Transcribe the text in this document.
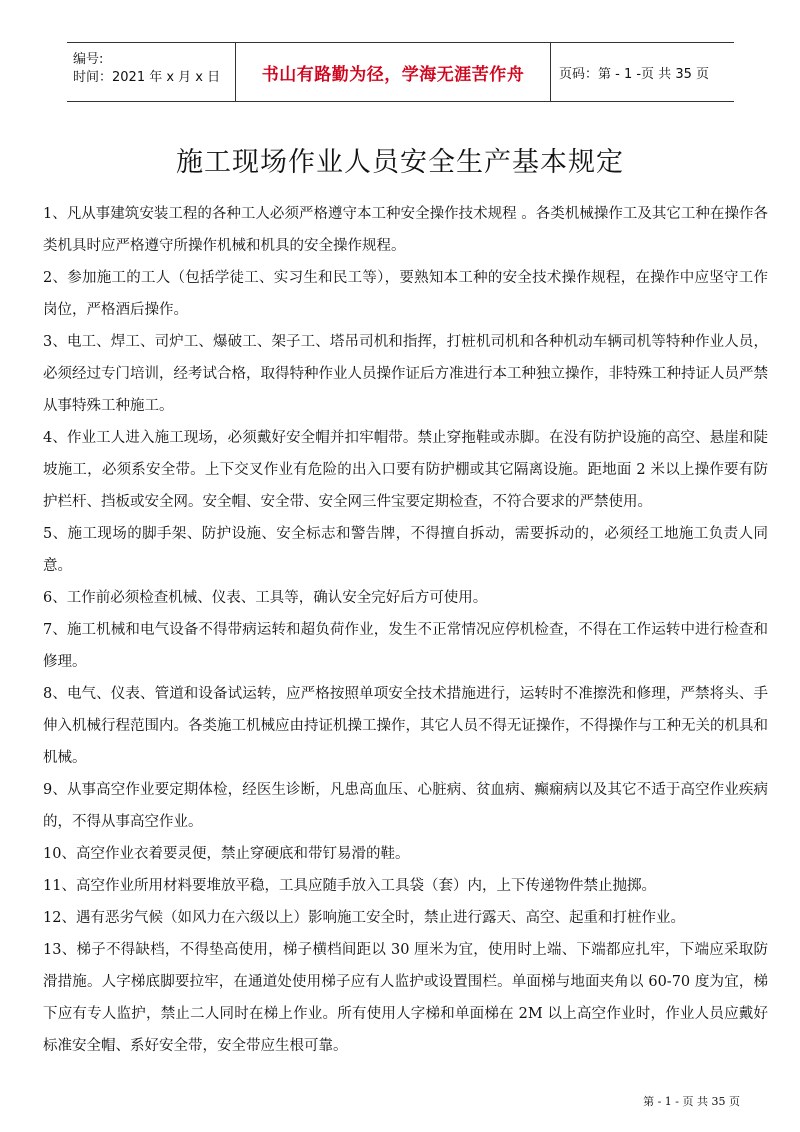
编号:
时间：2021 年 x 月 x 日 书山有路勤为径，学海无涯苦作舟	页码：第 - 1 -页 共 35 页
施工现场作业人员安全生产基本规定

1、凡从事建筑安装工程的各种工人必须严格遵守本工种安全操作技术规程 。各类机械操作工及其它工种在操作各类机具时应严格遵守所操作机械和机具的安全操作规程。

2、参加施工的工人（包括学徒工、实习生和民工等），要熟知本工种的安全技术操作规程，在操作中应坚守工作岗位，严格酒后操作。

3、电工、焊工、司炉工、爆破工、架子工、塔吊司机和指挥，打桩机司机和各种机动车辆司机等特种作业人员，必须经过专门培训，经考试合格，取得特种作业人员操作证后方准进行本工种独立操作，非特殊工种持证人员严禁从事特殊工种施工。

4、作业工人进入施工现场，必须戴好安全帽并扣牢帽带。禁止穿拖鞋或赤脚。在没有防护设施的高空、悬崖和陡坡施工，必须系安全带。上下交叉作业有危险的出入口要有防护棚或其它隔离设施。距地面 2 米以上操作要有防护栏杆、挡板或安全网。安全帽、安全带、安全网三件宝要定期检查，不符合要求的严禁使用。

5、施工现场的脚手架、防护设施、安全标志和警告牌，不得擅自拆动，需要拆动的，必须经工地施工负责人同意。

6、工作前必须检查机械、仪表、工具等，确认安全完好后方可使用。

7、施工机械和电气设备不得带病运转和超负荷作业，发生不正常情况应停机检查，不得在工作运转中进行检查和修理。

8、电气、仪表、管道和设备试运转，应严格按照单项安全技术措施进行，运转时不准擦洗和修理，严禁将头、手伸入机械行程范围内。各类施工机械应由持证机操工操作，其它人员不得无证操作，不得操作与工种无关的机具和机械。

9、从事高空作业要定期体检，经医生诊断，凡患高血压、心脏病、贫血病、癫痫病以及其它不适于高空作业疾病的，不得从事高空作业。

10、高空作业衣着要灵便，禁止穿硬底和带钉易滑的鞋。

11、高空作业所用材料要堆放平稳，工具应随手放入工具袋（套）内，上下传递物件禁止抛掷。

12、遇有恶劣气候（如风力在六级以上）影响施工安全时，禁止进行露天、高空、起重和打桩作业。

13、梯子不得缺档，不得垫高使用，梯子横档间距以 30 厘米为宜，使用时上端、下端都应扎牢，下端应采取防滑措施。人字梯底脚要拉牢，在通道处使用梯子应有人监护或设置围栏。单面梯与地面夹角以 60-70 度为宜，梯下应有专人监护，禁止二人同时在梯上作业。所有使用人字梯和单面梯在 2M 以上高空作业时，作业人员应戴好标准安全帽、系好安全带，安全带应生根可靠。

第 - 1 - 页 共 35 页
